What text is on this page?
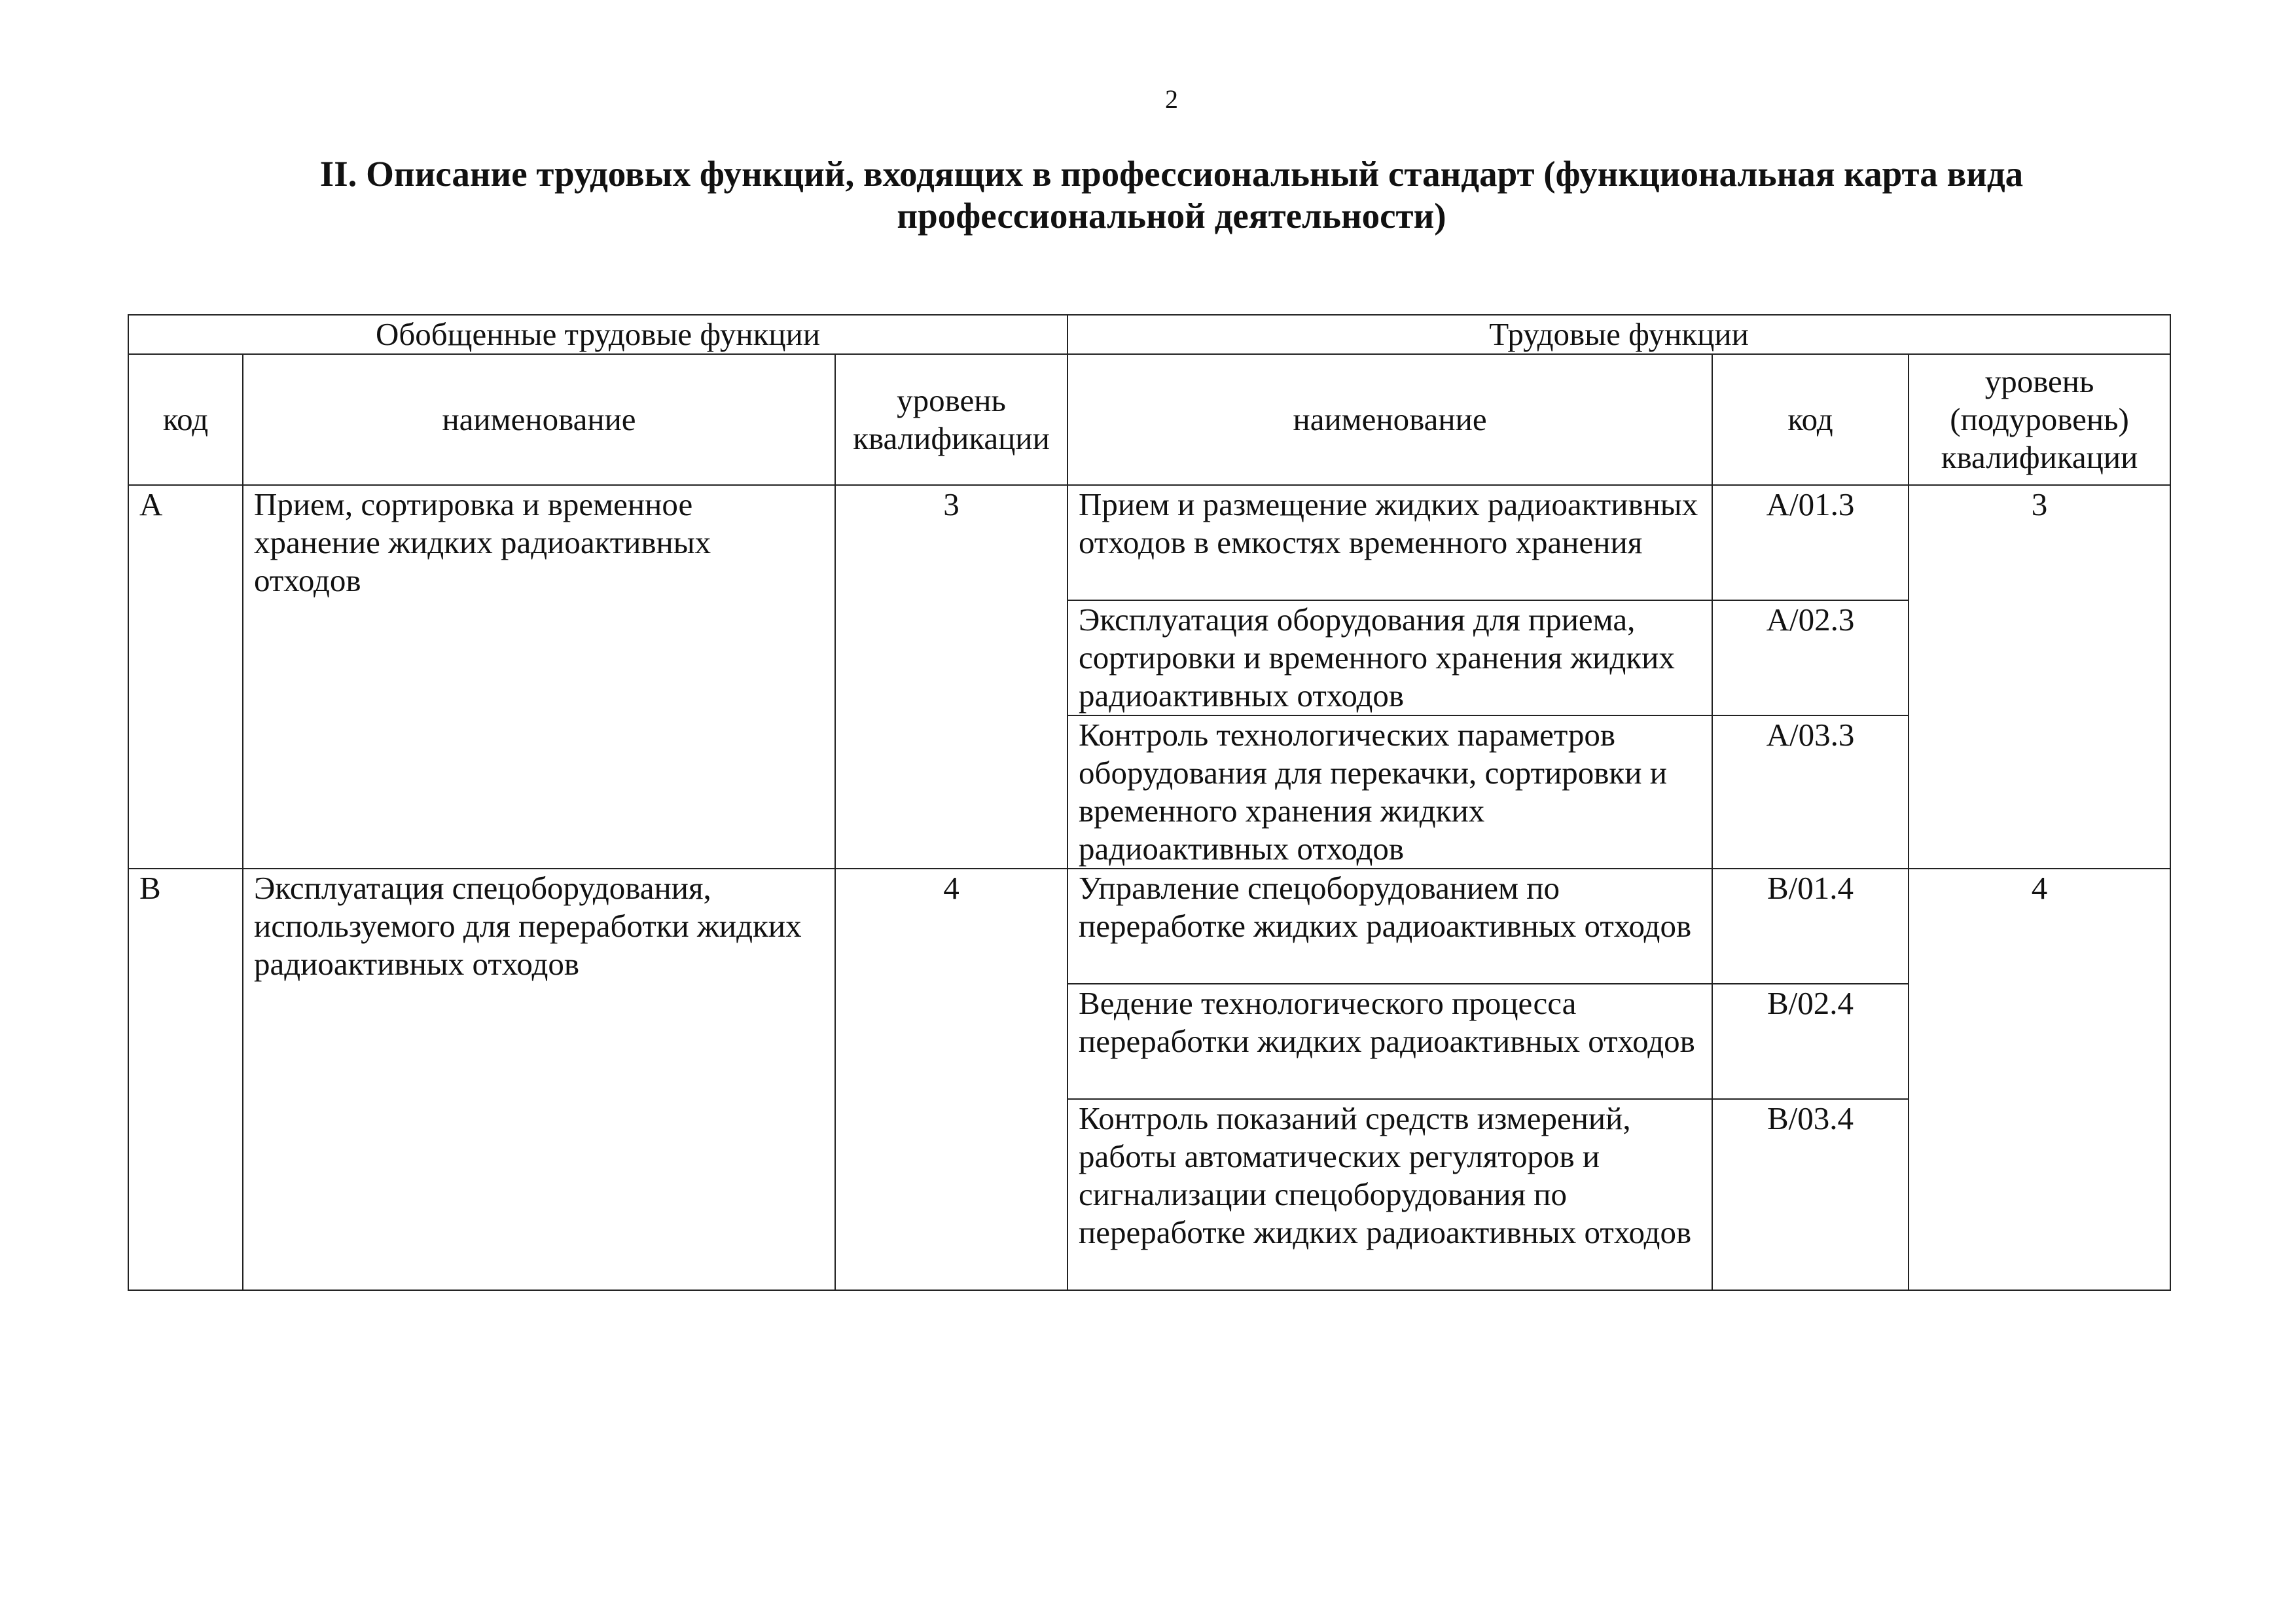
2
II. Описание трудовых функций, входящих в профессиональный стандарт (функциональная карта вида
профессиональной деятельности)
Обобщенные трудовые функции			Трудовые функции		
код	наименование	уровень квалификации	наименование	код	уровень (подуровень) квалификации
A	Прием, сортировка и временное хранение жидких радиоактивных отходов	3	Прием и размещение жидких радиоактивных отходов в емкостях временного хранения	A/01.3	3
			Эксплуатация оборудования для приема, сортировки и временного хранения жидких радиоактивных отходов	A/02.3	
			Контроль технологических параметров оборудования для перекачки, сортировки и временного хранения жидких радиоактивных отходов	A/03.3	
B	Эксплуатация спецоборудования, используемого для переработки жидких радиоактивных отходов	4	Управление спецоборудованием по переработке жидких радиоактивных отходов	B/01.4	4
			Ведение технологического процесса переработки жидких радиоактивных отходов	B/02.4	
			Контроль показаний средств измерений, работы автоматических регуляторов и сигнализации спецоборудования по переработке жидких радиоактивных отходов	B/03.4	
